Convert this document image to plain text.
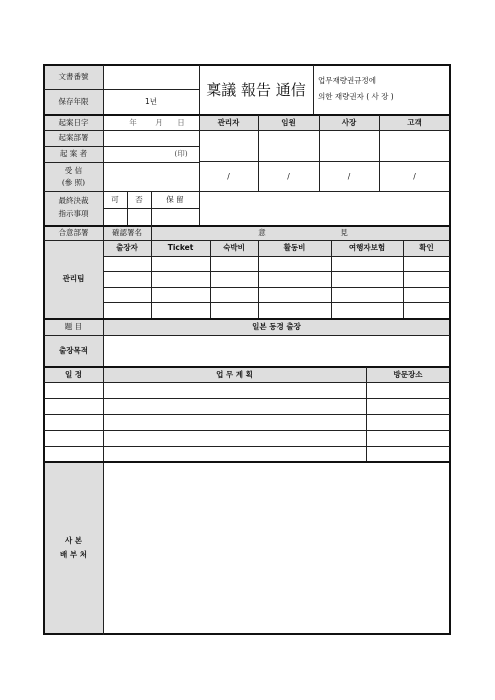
文書番號
保存年限	1년
稟議 報告 通信	업무재량권규정에
의한 재량권자 ( 사 장 )
起案日字	年	月	日
起案部署
起 案 者	(印)
受 信
(參 照)
관리자	임원	사장	고객
/	/	/	/
最終決裁
指示事項
可	否	保 留
合意部署	確認署名	意	見
관리팀
출장자	Ticket	숙박비	활동비	여행자보험	확인
題 目	일본 동경 출장
출장목적
일 정	업 무 계 획	방문장소
사 본
배 부 처
